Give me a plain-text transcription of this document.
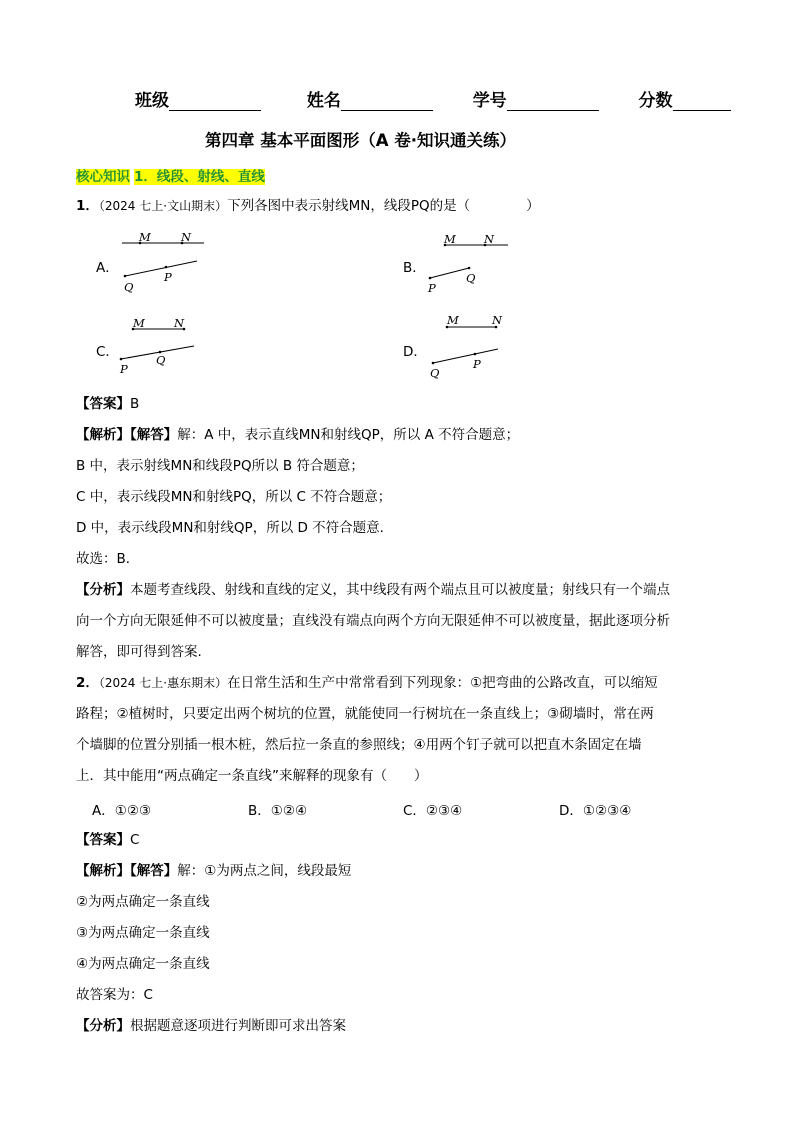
班级	姓名	学号	分数
第四章 基本平面图形（A 卷·知识通关练）
核心知识 1．线段、射线、直线
1．（2024 七上·文山期末）下列各图中表示射线MN，线段PQ的是（	）
A．
M	N
Q
P
B．
M N
P
Q
C．
M	N
P
Q	D．
M	N
Q
P
【答案】B
【解析】【解答】解：A 中，表示直线MN和射线QP，所以 A 不符合题意；
B 中，表示射线MN和线段PQ所以 B 符合题意；
C 中，表示线段MN和射线PQ，所以 C 不符合题意；
D 中，表示线段MN和射线QP，所以 D 不符合题意．
故选：B．
【分析】本题考查线段、射线和直线的定义，其中线段有两个端点且可以被度量；射线只有一个端点
向一个方向无限延伸不可以被度量；直线没有端点向两个方向无限延伸不可以被度量，据此逐项分析
解答，即可得到答案.
2．（2024 七上·惠东期末）在日常生活和生产中常常看到下列现象：①把弯曲的公路改直，可以缩短
路程；②植树时，只要定出两个树坑的位置，就能使同一行树坑在一条直线上；③砌墙时，常在两
个墙脚的位置分别插一根木桩，然后拉一条直的参照线；④用两个钉子就可以把直木条固定在墙
上．其中能用“两点确定一条直线”来解释的现象有（　　）
A．①②③	B．①②④	C．②③④	D．①②③④
【答案】C
【解析】【解答】解：①为两点之间，线段最短
②为两点确定一条直线
③为两点确定一条直线
④为两点确定一条直线
故答案为：C
【分析】根据题意逐项进行判断即可求出答案
